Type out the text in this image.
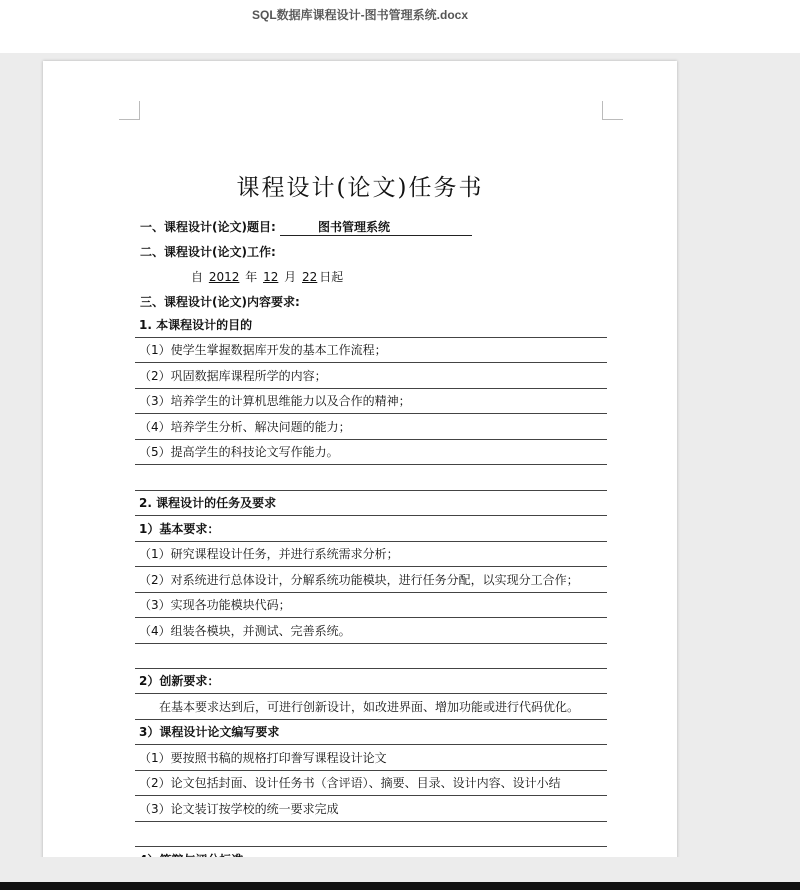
SQL数据库课程设计-图书管理系统.docx
课程设计(论文)任务书
一、课程设计(论文)题目:	图书管理系统
二、课程设计(论文)工作:
自 2012 年 12 月 22 日起
三、课程设计(论文)内容要求:
1. 本课程设计的目的
（1）使学生掌握数据库开发的基本工作流程；
（2）巩固数据库课程所学的内容；
（3）培养学生的计算机思维能力以及合作的精神；
（4）培养学生分析、解决问题的能力；
（5）提高学生的科技论文写作能力。
2. 课程设计的任务及要求
1）基本要求：
（1）研究课程设计任务，并进行系统需求分析；
（2）对系统进行总体设计，分解系统功能模块，进行任务分配，以实现分工合作；
（3）实现各功能模块代码；
（4）组装各模块，并测试、完善系统。
2）创新要求：
在基本要求达到后，可进行创新设计，如改进界面、增加功能或进行代码优化。
3）课程设计论文编写要求
（1）要按照书稿的规格打印誊写课程设计论文
（2）论文包括封面、设计任务书（含评语）、摘要、目录、设计内容、设计小结
（3）论文装订按学校的统一要求完成
